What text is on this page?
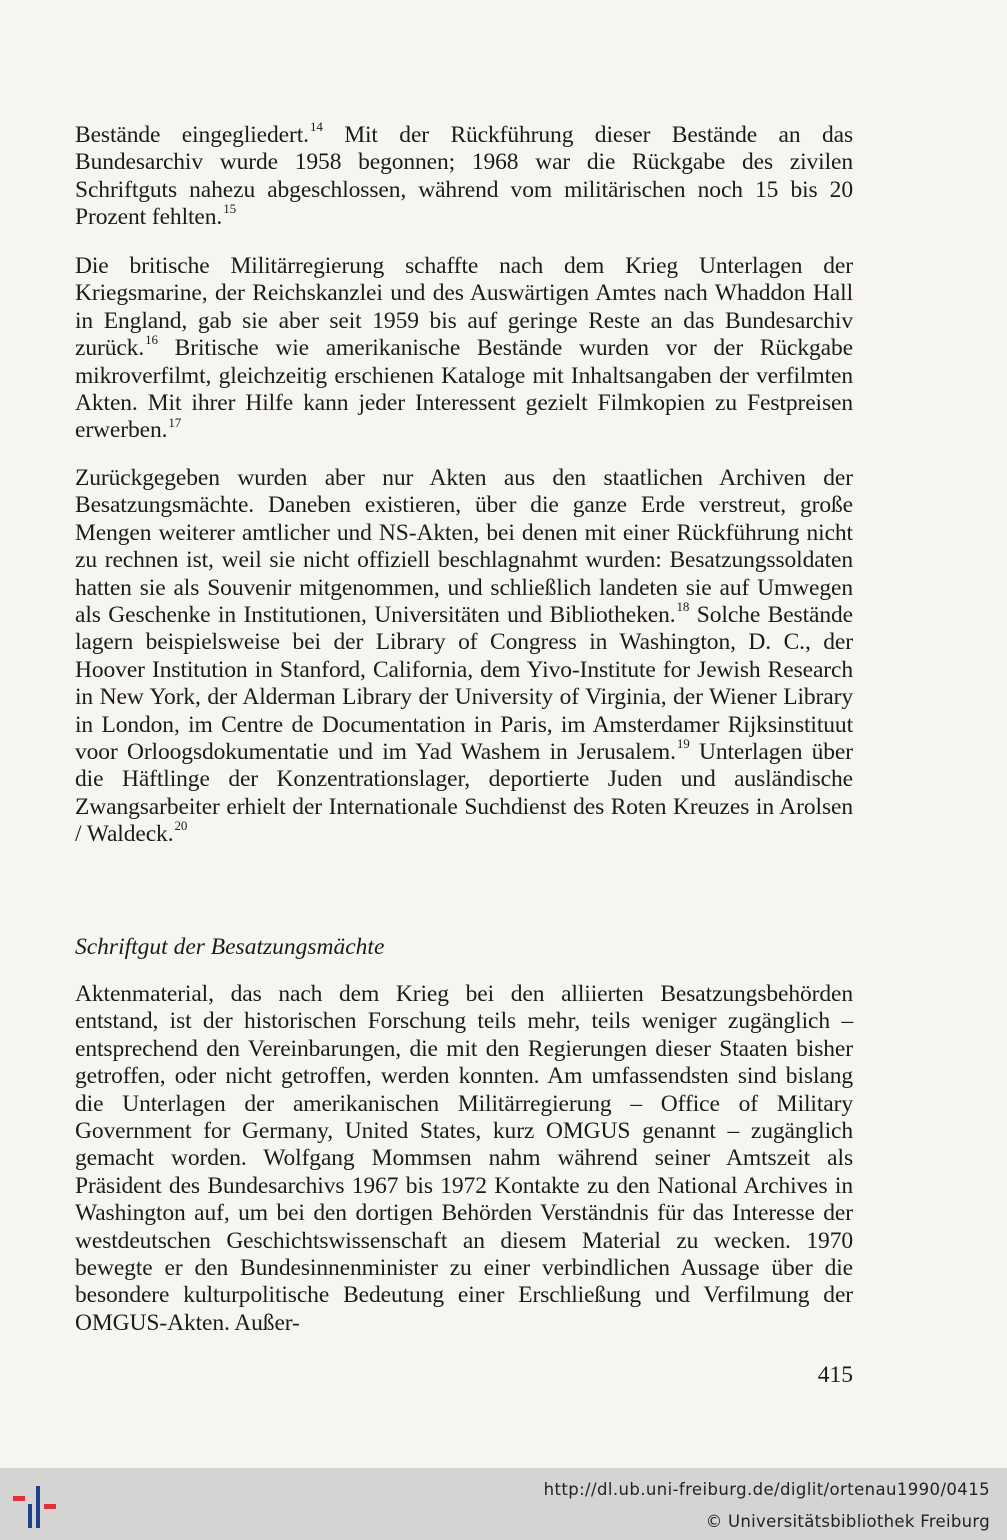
Bestände eingegliedert.$^{14}$ Mit der Rückführung dieser Bestände an das Bundesarchiv wurde 1958 begonnen; 1968 war die Rückgabe des zivilen Schriftguts nahezu abgeschlossen, während vom militärischen noch 15 bis 20 Prozent fehlten.$^{15}$

Die britische Militärregierung schaffte nach dem Krieg Unterlagen der Kriegsmarine, der Reichskanzlei und des Auswärtigen Amtes nach Whaddon Hall in England, gab sie aber seit 1959 bis auf geringe Reste an das Bundesarchiv zurück.$^{16}$ Britische wie amerikanische Bestände wurden vor der Rückgabe mikroverfilmt, gleichzeitig erschienen Kataloge mit Inhaltsangaben der verfilmten Akten. Mit ihrer Hilfe kann jeder Interessent gezielt Filmkopien zu Festpreisen erwerben.$^{17}$

Zurückgegeben wurden aber nur Akten aus den staatlichen Archiven der Besatzungsmächte. Daneben existieren, über die ganze Erde verstreut, große Mengen weiterer amtlicher und NS-Akten, bei denen mit einer Rückführung nicht zu rechnen ist, weil sie nicht offiziell beschlagnahmt wurden: Besatzungssoldaten hatten sie als Souvenir mitgenommen, und schließlich landeten sie auf Umwegen als Geschenke in Institutionen, Universitäten und Bibliotheken.$^{18}$ Solche Bestände lagern beispielsweise bei der Library of Congress in Washington, D. C., der Hoover Institution in Stanford, California, dem Yivo-Institute for Jewish Research in New York, der Alderman Library der University of Virginia, der Wiener Library in London, im Centre de Documentation in Paris, im Amsterdamer Rijksinstituut voor Orloogsdokumentatie und im Yad Washem in Jerusalem.$^{19}$ Unterlagen über die Häftlinge der Konzentrationslager, deportierte Juden und ausländische Zwangsarbeiter erhielt der Internationale Suchdienst des Roten Kreuzes in Arolsen / Waldeck.$^{20}$

Schriftgut der Besatzungsmächte

Aktenmaterial, das nach dem Krieg bei den alliierten Besatzungsbehörden entstand, ist der historischen Forschung teils mehr, teils weniger zugänglich – entsprechend den Vereinbarungen, die mit den Regierungen dieser Staaten bisher getroffen, oder nicht getroffen, werden konnten. Am umfassendsten sind bislang die Unterlagen der amerikanischen Militärregierung – Office of Military Government for Germany, United States, kurz OMGUS genannt – zugänglich gemacht worden. Wolfgang Mommsen nahm während seiner Amtszeit als Präsident des Bundesarchivs 1967 bis 1972 Kontakte zu den National Archives in Washington auf, um bei den dortigen Behörden Verständnis für das Interesse der westdeutschen Geschichtswissenschaft an diesem Material zu wecken. 1970 bewegte er den Bundesinnenminister zu einer verbindlichen Aussage über die besondere kulturpolitische Bedeutung einer Erschließung und Verfilmung der OMGUS-Akten. Außer-

415
http://dl.ub.uni-freiburg.de/diglit/ortenau1990/0415
© Universitätsbibliothek Freiburg
